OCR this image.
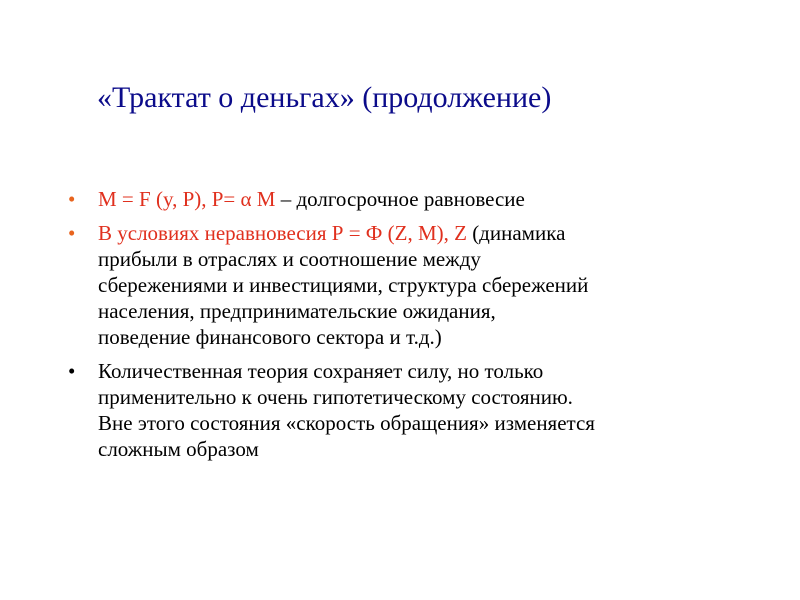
«Трактат о деньгах» (продолжение)
•	M = F (y, P), P= α M – долгосрочное равновесие
•	В условиях неравновесия Р = Ф (Z, M), Z (динамика
прибыли в отраслях и соотношение между
сбережениями и инвестициями, структура сбережений
населения, предпринимательские ожидания,
поведение финансового сектора и т.д.)
•	Количественная теория сохраняет силу, но только
применительно к очень гипотетическому состоянию.
Вне этого состояния «скорость обращения» изменяется
сложным образом
